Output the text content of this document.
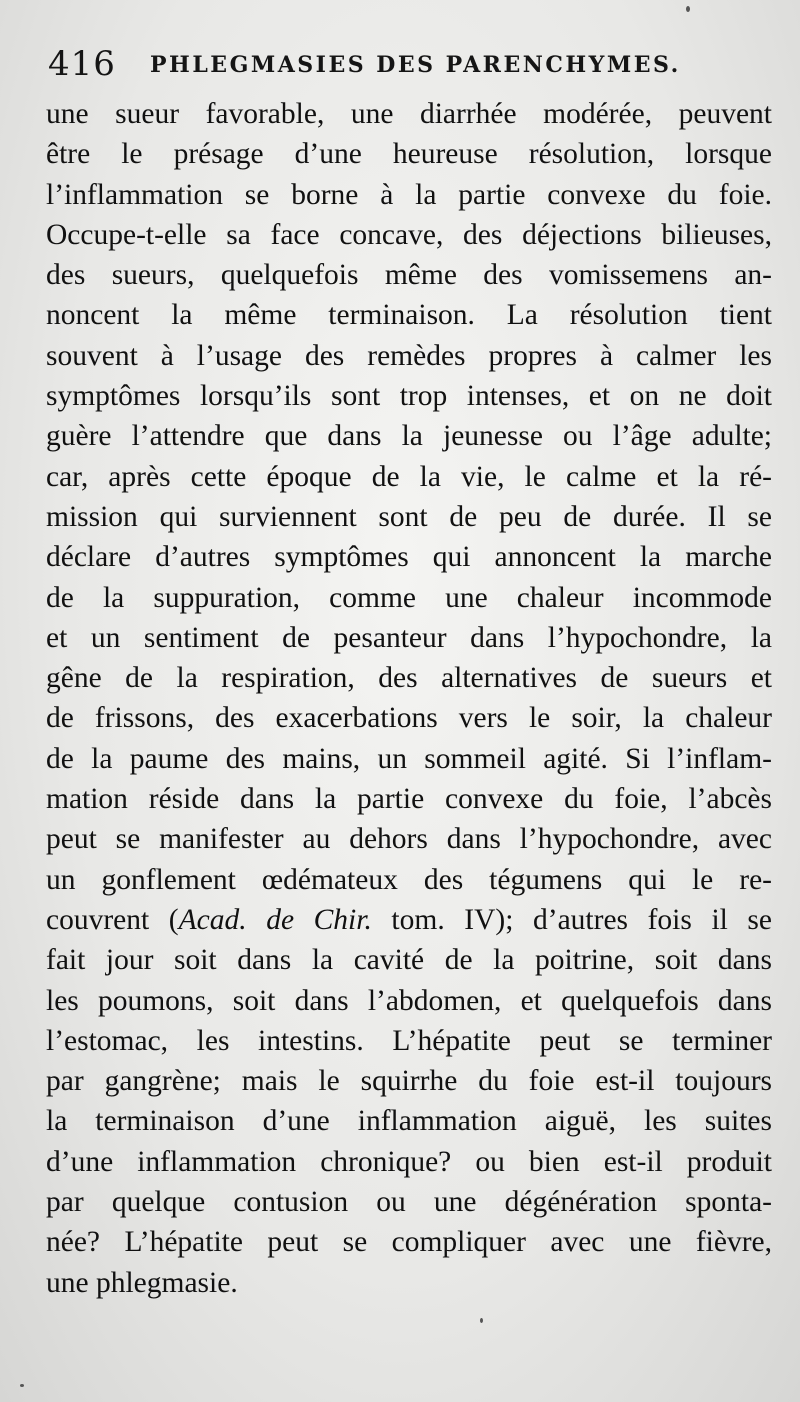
416 PHLEGMASIES DES PARENCHYMES.
une sueur favorable, une diarrhée modérée, peuvent
être le présage d’une heureuse résolution, lorsque
l’inflammation se borne à la partie convexe du foie.
Occupe-t-elle sa face concave, des déjections bilieuses,
des sueurs, quelquefois même des vomissemens an-
noncent la même terminaison. La résolution tient
souvent à l’usage des remèdes propres à calmer les
symptômes lorsqu’ils sont trop intenses, et on ne doit
guère l’attendre que dans la jeunesse ou l’âge adulte;
car, après cette époque de la vie, le calme et la ré-
mission qui surviennent sont de peu de durée. Il se
déclare d’autres symptômes qui annoncent la marche
de la suppuration, comme une chaleur incommode
et un sentiment de pesanteur dans l’hypochondre, la
gêne de la respiration, des alternatives de sueurs et
de frissons, des exacerbations vers le soir, la chaleur
de la paume des mains, un sommeil agité. Si l’inflam-
mation réside dans la partie convexe du foie, l’abcès
peut se manifester au dehors dans l’hypochondre, avec
un gonflement œdémateux des tégumens qui le re-
couvrent (Acad. de Chir. tom. IV); d’autres fois il se
fait jour soit dans la cavité de la poitrine, soit dans
les poumons, soit dans l’abdomen, et quelquefois dans
l’estomac, les intestins. L’hépatite peut se terminer
par gangrène; mais le squirrhe du foie est-il toujours
la terminaison d’une inflammation aiguë, les suites
d’une inflammation chronique? ou bien est-il produit
par quelque contusion ou une dégénération sponta-
née? L’hépatite peut se compliquer avec une fièvre,
une phlegmasie.
